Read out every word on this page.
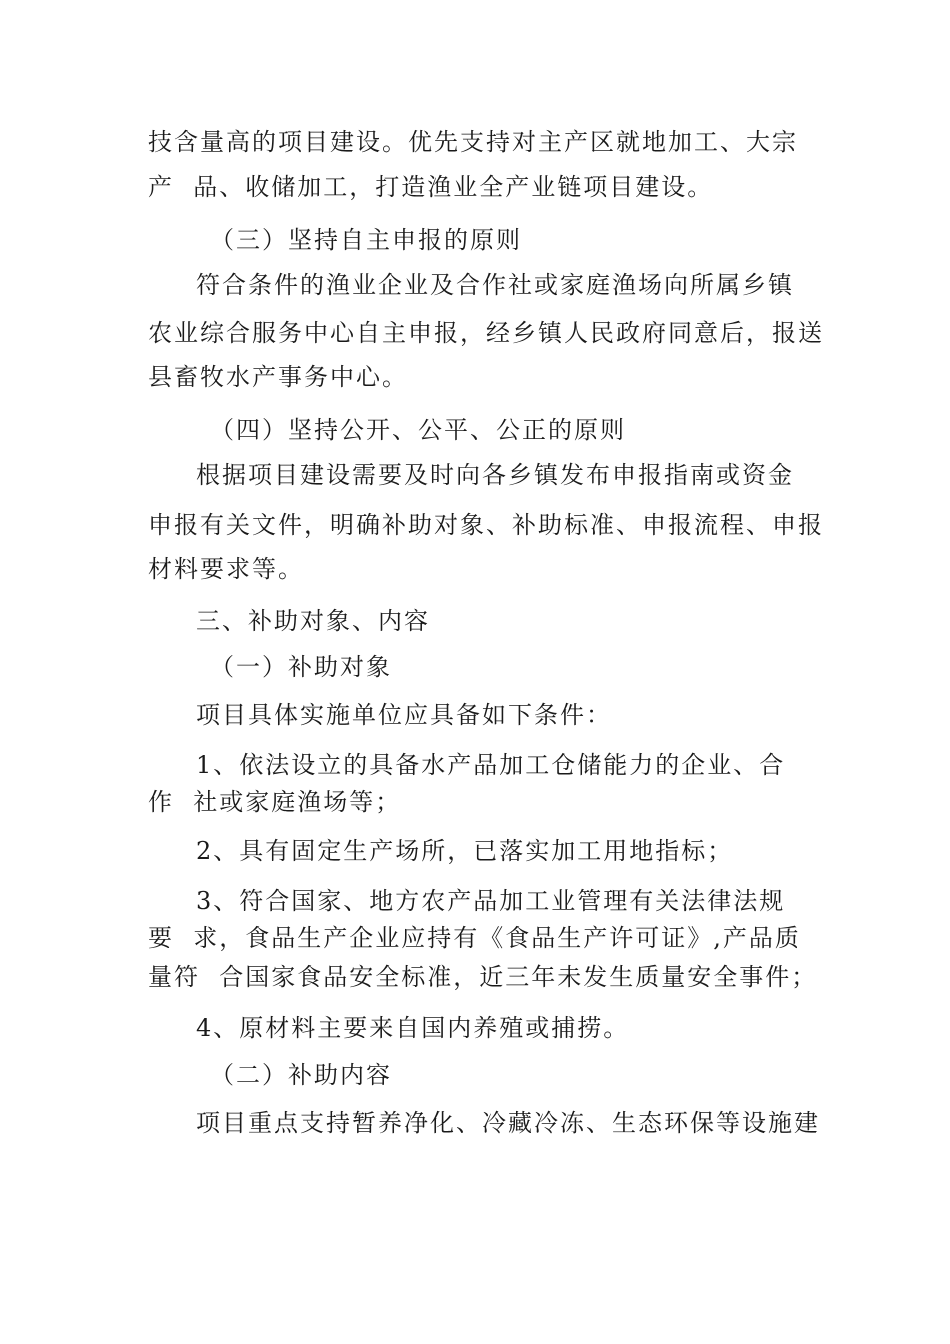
技含量高的项目建设。优先支持对主产区就地加工、大宗
产  品、收储加工，打造渔业全产业链项目建设。
（三）坚持自主申报的原则
符合条件的渔业企业及合作社或家庭渔场向所属乡镇
农业综合服务中心自主申报，经乡镇人民政府同意后，报送
县畜牧水产事务中心。
（四）坚持公开、公平、公正的原则
根据项目建设需要及时向各乡镇发布申报指南或资金
申报有关文件，明确补助对象、补助标准、申报流程、申报
材料要求等。
三、补助对象、内容
（一）补助对象
项目具体实施单位应具备如下条件：
1、依法设立的具备水产品加工仓储能力的企业、合
作  社或家庭渔场等；
2、具有固定生产场所，已落实加工用地指标；
3、符合国家、地方农产品加工业管理有关法律法规
要  求，食品生产企业应持有《食品生产许可证》,产品质
量符  合国家食品安全标准，近三年未发生质量安全事件；
4、原材料主要来自国内养殖或捕捞。
（二）补助内容
项目重点支持暂养净化、冷藏冷冻、生态环保等设施建
